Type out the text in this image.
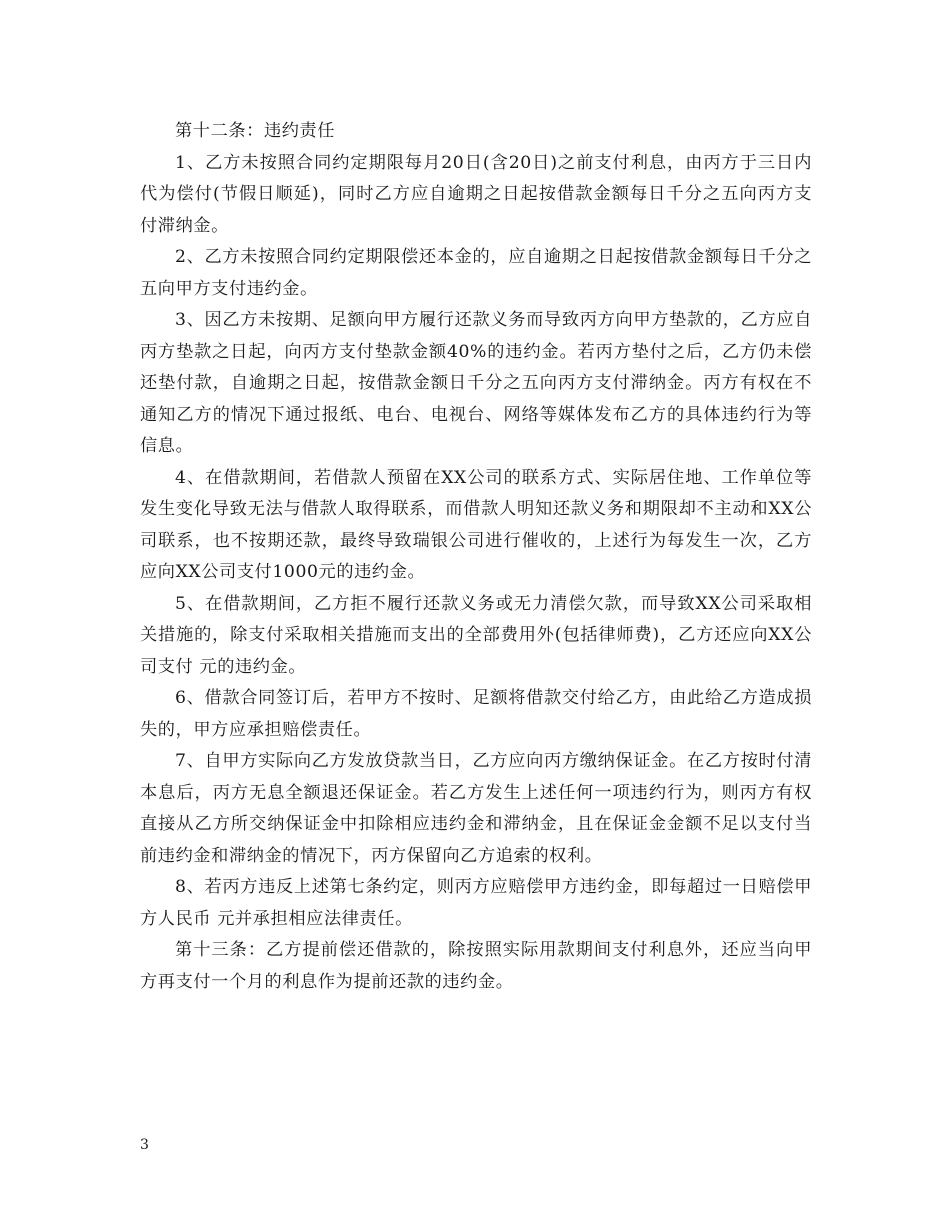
第十二条：违约责任

1、乙方未按照合同约定期限每月20日(含20日)之前支付利息，由丙方于三日内代为偿付(节假日顺延)，同时乙方应自逾期之日起按借款金额每日千分之五向丙方支付滞纳金。

2、乙方未按照合同约定期限偿还本金的，应自逾期之日起按借款金额每日千分之五向甲方支付违约金。

3、因乙方未按期、足额向甲方履行还款义务而导致丙方向甲方垫款的，乙方应自丙方垫款之日起，向丙方支付垫款金额40%的违约金。若丙方垫付之后，乙方仍未偿还垫付款，自逾期之日起，按借款金额日千分之五向丙方支付滞纳金。丙方有权在不通知乙方的情况下通过报纸、电台、电视台、网络等媒体发布乙方的具体违约行为等信息。

4、在借款期间，若借款人预留在XX公司的联系方式、实际居住地、工作单位等发生变化导致无法与借款人取得联系，而借款人明知还款义务和期限却不主动和XX公司联系，也不按期还款，最终导致瑞银公司进行催收的，上述行为每发生一次，乙方应向XX公司支付1000元的违约金。

5、在借款期间，乙方拒不履行还款义务或无力清偿欠款，而导致XX公司采取相关措施的，除支付采取相关措施而支出的全部费用外(包括律师费)，乙方还应向XX公司支付 元的违约金。

6、借款合同签订后，若甲方不按时、足额将借款交付给乙方，由此给乙方造成损失的，甲方应承担赔偿责任。

7、自甲方实际向乙方发放贷款当日，乙方应向丙方缴纳保证金。在乙方按时付清本息后，丙方无息全额退还保证金。若乙方发生上述任何一项违约行为，则丙方有权直接从乙方所交纳保证金中扣除相应违约金和滞纳金，且在保证金金额不足以支付当前违约金和滞纳金的情况下，丙方保留向乙方追索的权利。

8、若丙方违反上述第七条约定，则丙方应赔偿甲方违约金，即每超过一日赔偿甲方人民币 元并承担相应法律责任。

第十三条：乙方提前偿还借款的，除按照实际用款期间支付利息外，还应当向甲方再支付一个月的利息作为提前还款的违约金。

3
